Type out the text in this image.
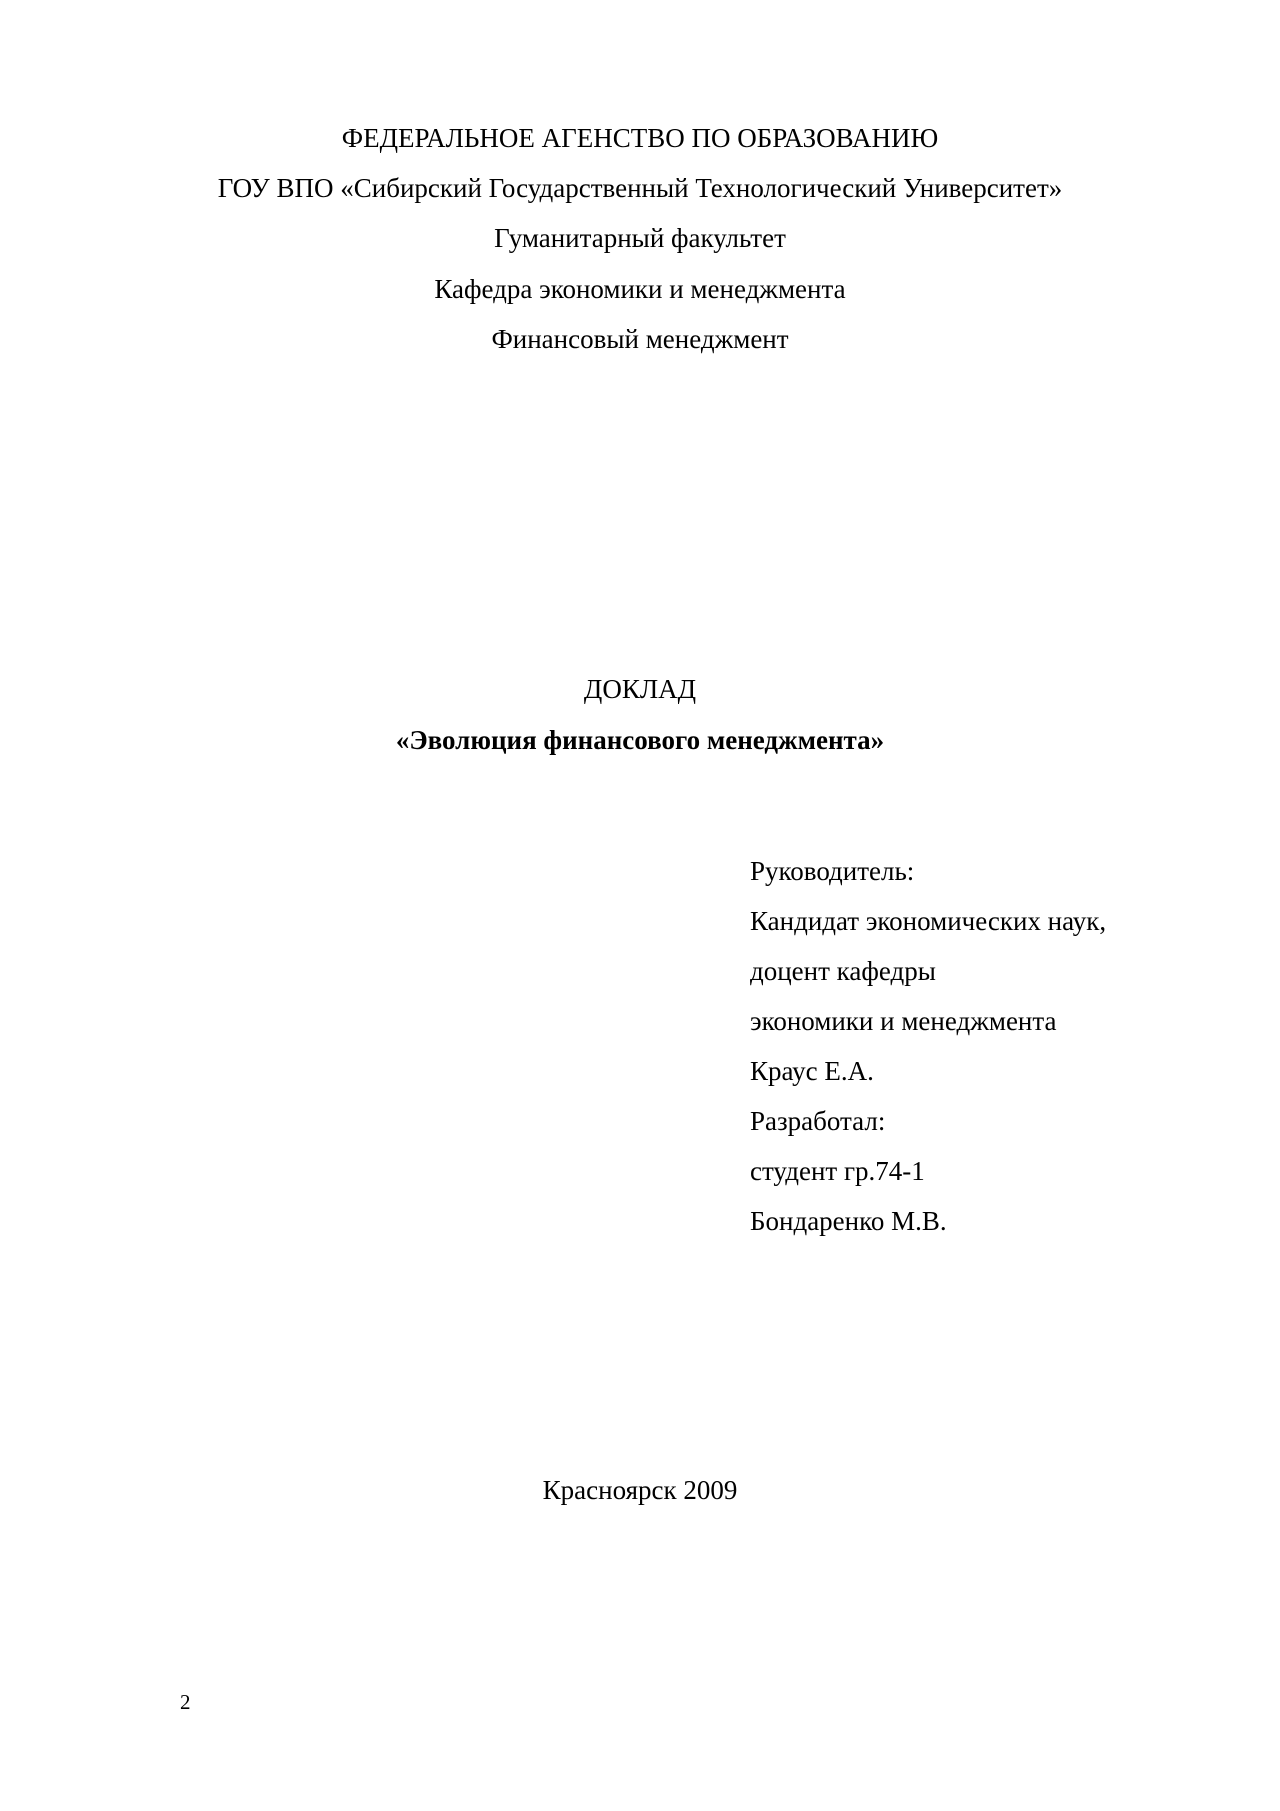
ФЕДЕРАЛЬНОЕ АГЕНСТВО ПО ОБРАЗОВАНИЮ
ГОУ ВПО «Сибирский Государственный Технологический Университет»
Гуманитарный факультет
Кафедра экономики и менеджмента
Финансовый менеджмент
ДОКЛАД
«Эволюция финансового менеджмента»
Руководитель:
Кандидат экономических наук,
доцент кафедры
экономики и менеджмента
Краус Е.А.
Разработал:
студент гр.74-1
Бондаренко М.В.
Красноярск 2009
2
